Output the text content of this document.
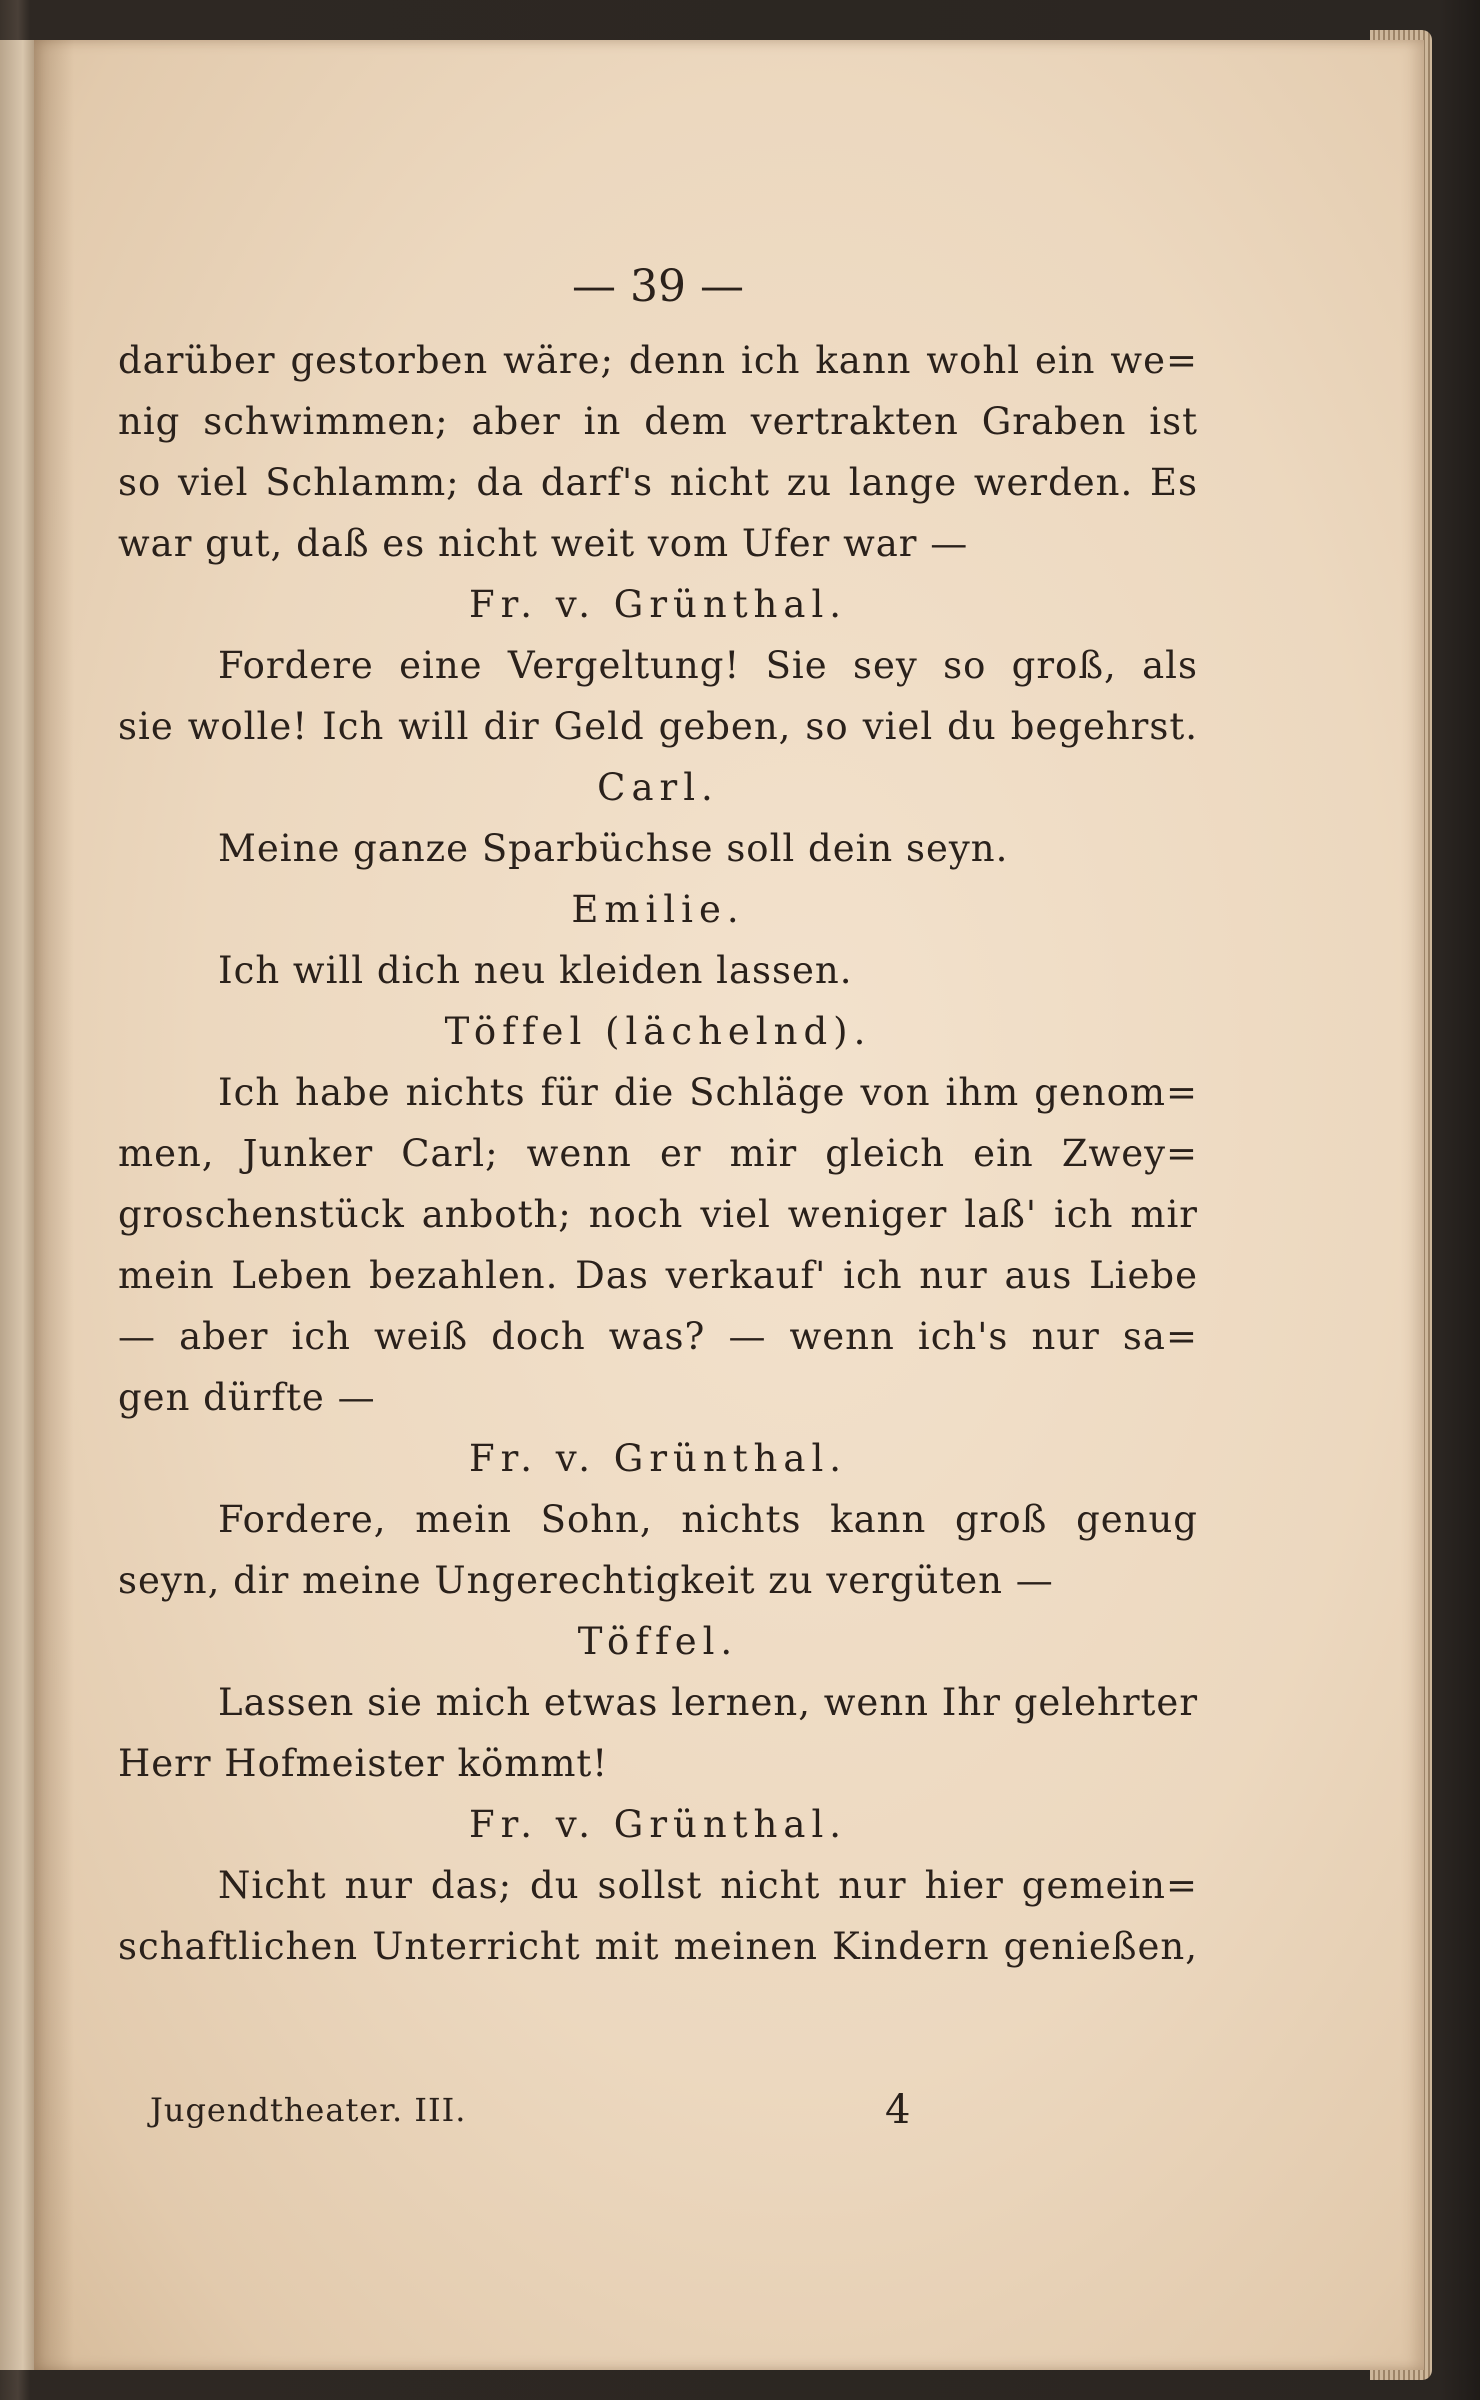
— 39 —
darüber gestorben wäre; denn ich kann wohl ein we=
nig schwimmen; aber in dem vertrakten Graben ist
so viel Schlamm; da darf's nicht zu lange werden. Es
war gut, daß es nicht weit vom Ufer war —
Fr. v. Grünthal.
Fordere eine Vergeltung! Sie sey so groß, als
sie wolle! Ich will dir Geld geben, so viel du begehrst.
Carl.
Meine ganze Sparbüchse soll dein seyn.
Emilie.
Ich will dich neu kleiden lassen.
Töffel (lächelnd).
Ich habe nichts für die Schläge von ihm genom=
men, Junker Carl; wenn er mir gleich ein Zwey=
groschenstück anboth; noch viel weniger laß' ich mir
mein Leben bezahlen. Das verkauf' ich nur aus Liebe
— aber ich weiß doch was? — wenn ich's nur sa=
gen dürfte —
Fr. v. Grünthal.
Fordere, mein Sohn, nichts kann groß genug
seyn, dir meine Ungerechtigkeit zu vergüten —
Töffel.
Lassen sie mich etwas lernen, wenn Ihr gelehrter
Herr Hofmeister kömmt!
Fr. v. Grünthal.
Nicht nur das; du sollst nicht nur hier gemein=
schaftlichen Unterricht mit meinen Kindern genießen,
Jugendtheater. III.	4
